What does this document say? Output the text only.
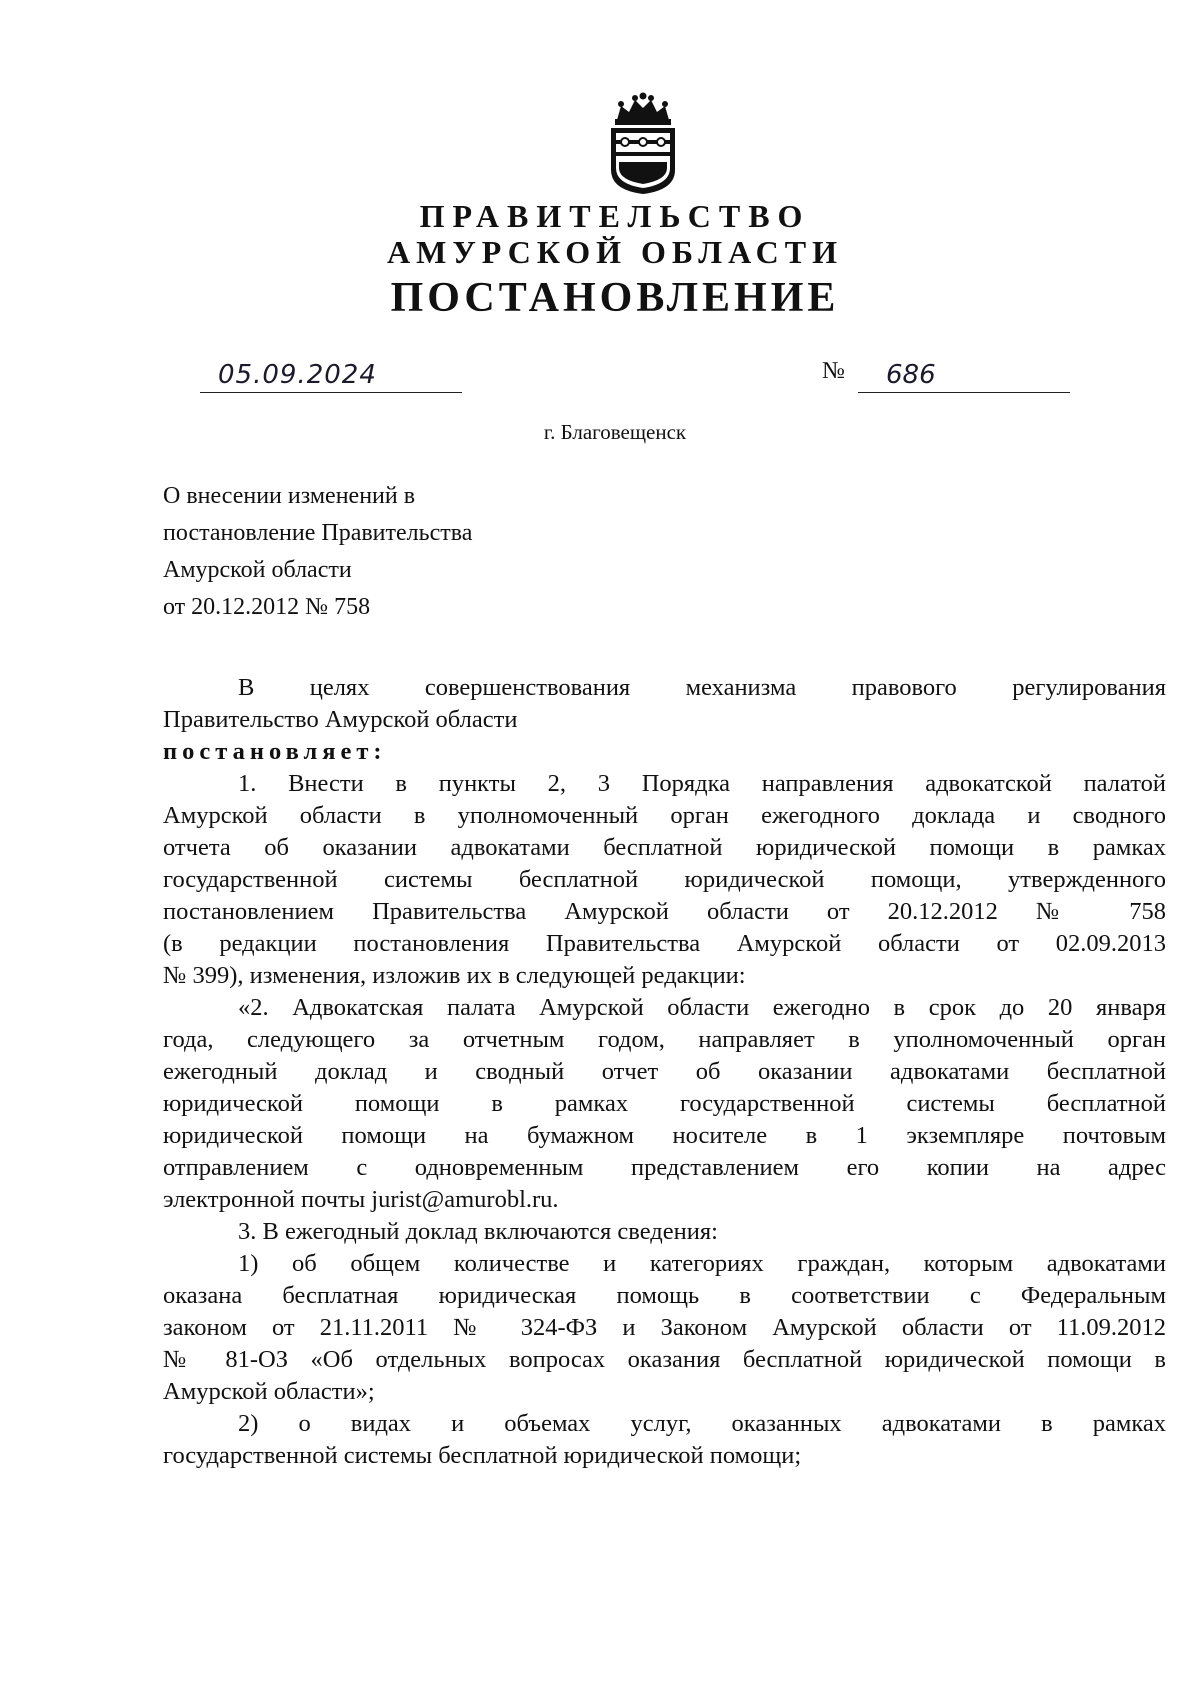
ПРАВИТЕЛЬСТВО
АМУРСКОЙ ОБЛАСТИ
ПОСТАНОВЛЕНИЕ
05.09.2024	№ 686
г. Благовещенск
О внесении изменений в
постановление Правительства
Амурской области
от 20.12.2012 № 758

В целях совершенствования механизма правового регулирования

Правительство Амурской области

постановляет:

1. Внести в пункты 2, 3 Порядка направления адвокатской палатой

Амурской области в уполномоченный орган ежегодного доклада и сводного

отчета об оказании адвокатами бесплатной юридической помощи в рамках

государственной системы бесплатной юридической помощи, утвержденного

постановлением Правительства Амурской области от 20.12.2012 № 758

(в редакции постановления Правительства Амурской области от 02.09.2013

№ 399), изменения, изложив их в следующей редакции:

«2. Адвокатская палата Амурской области ежегодно в срок до 20 января

года, следующего за отчетным годом, направляет в уполномоченный орган

ежегодный доклад и сводный отчет об оказании адвокатами бесплатной

юридической помощи в рамках государственной системы бесплатной

юридической помощи на бумажном носителе в 1 экземпляре почтовым

отправлением с одновременным представлением его копии на адрес

электронной почты jurist@amurobl.ru.

3. В ежегодный доклад включаются сведения:

1) об общем количестве и категориях граждан, которым адвокатами

оказана бесплатная юридическая помощь в соответствии с Федеральным

законом от 21.11.2011 № 324-ФЗ и Законом Амурской области от 11.09.2012

№ 81-ОЗ «Об отдельных вопросах оказания бесплатной юридической помощи в

Амурской области»;

2) о видах и объемах услуг, оказанных адвокатами в рамках

государственной системы бесплатной юридической помощи;
